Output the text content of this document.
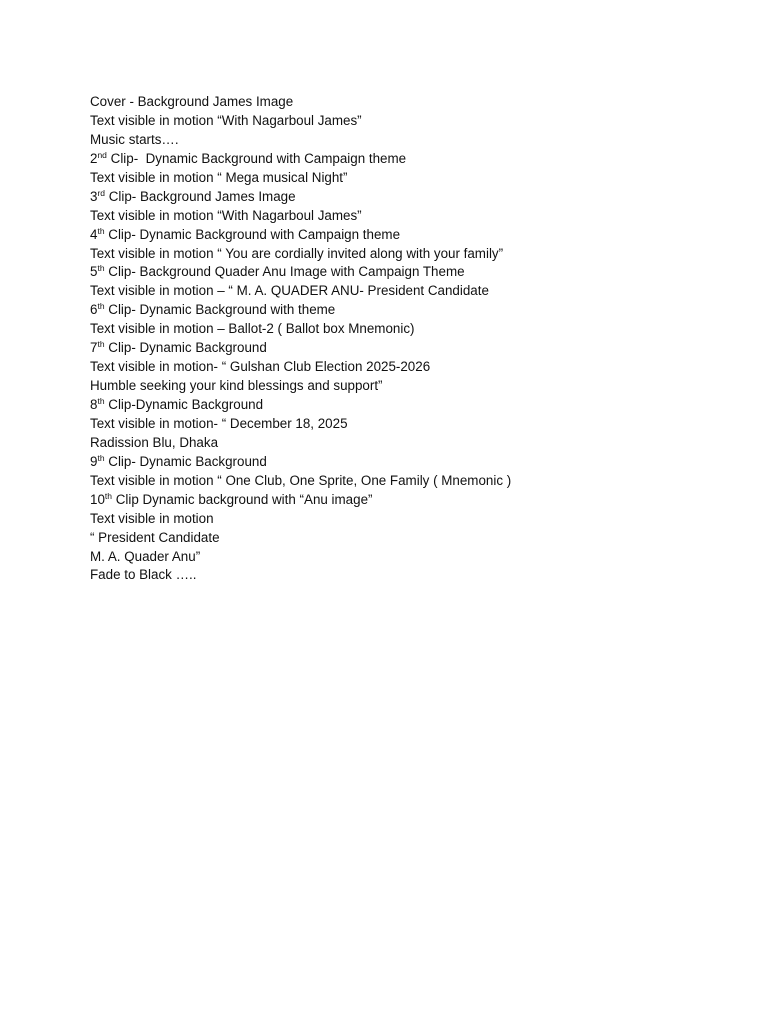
Cover - Background James Image
Text visible in motion “With Nagarboul James”
Music starts….
2nd Clip-  Dynamic Background with Campaign theme
Text visible in motion “ Mega musical Night”
3rd Clip- Background James Image
Text visible in motion “With Nagarboul James”
4th Clip- Dynamic Background with Campaign theme
Text visible in motion “ You are cordially invited along with your family”
5th Clip- Background Quader Anu Image with Campaign Theme
Text visible in motion – “ M. A. QUADER ANU- President Candidate
6th Clip- Dynamic Background with theme
Text visible in motion – Ballot-2 ( Ballot box Mnemonic)
7th Clip- Dynamic Background
Text visible in motion- “ Gulshan Club Election 2025-2026
Humble seeking your kind blessings and support”
8th Clip-Dynamic Background
Text visible in motion- “ December 18, 2025
Radission Blu, Dhaka
9th Clip- Dynamic Background
Text visible in motion “ One Club, One Sprite, One Family ( Mnemonic )
10th Clip Dynamic background with “Anu image”
Text visible in motion
“ President Candidate
M. A. Quader Anu”
Fade to Black …..
